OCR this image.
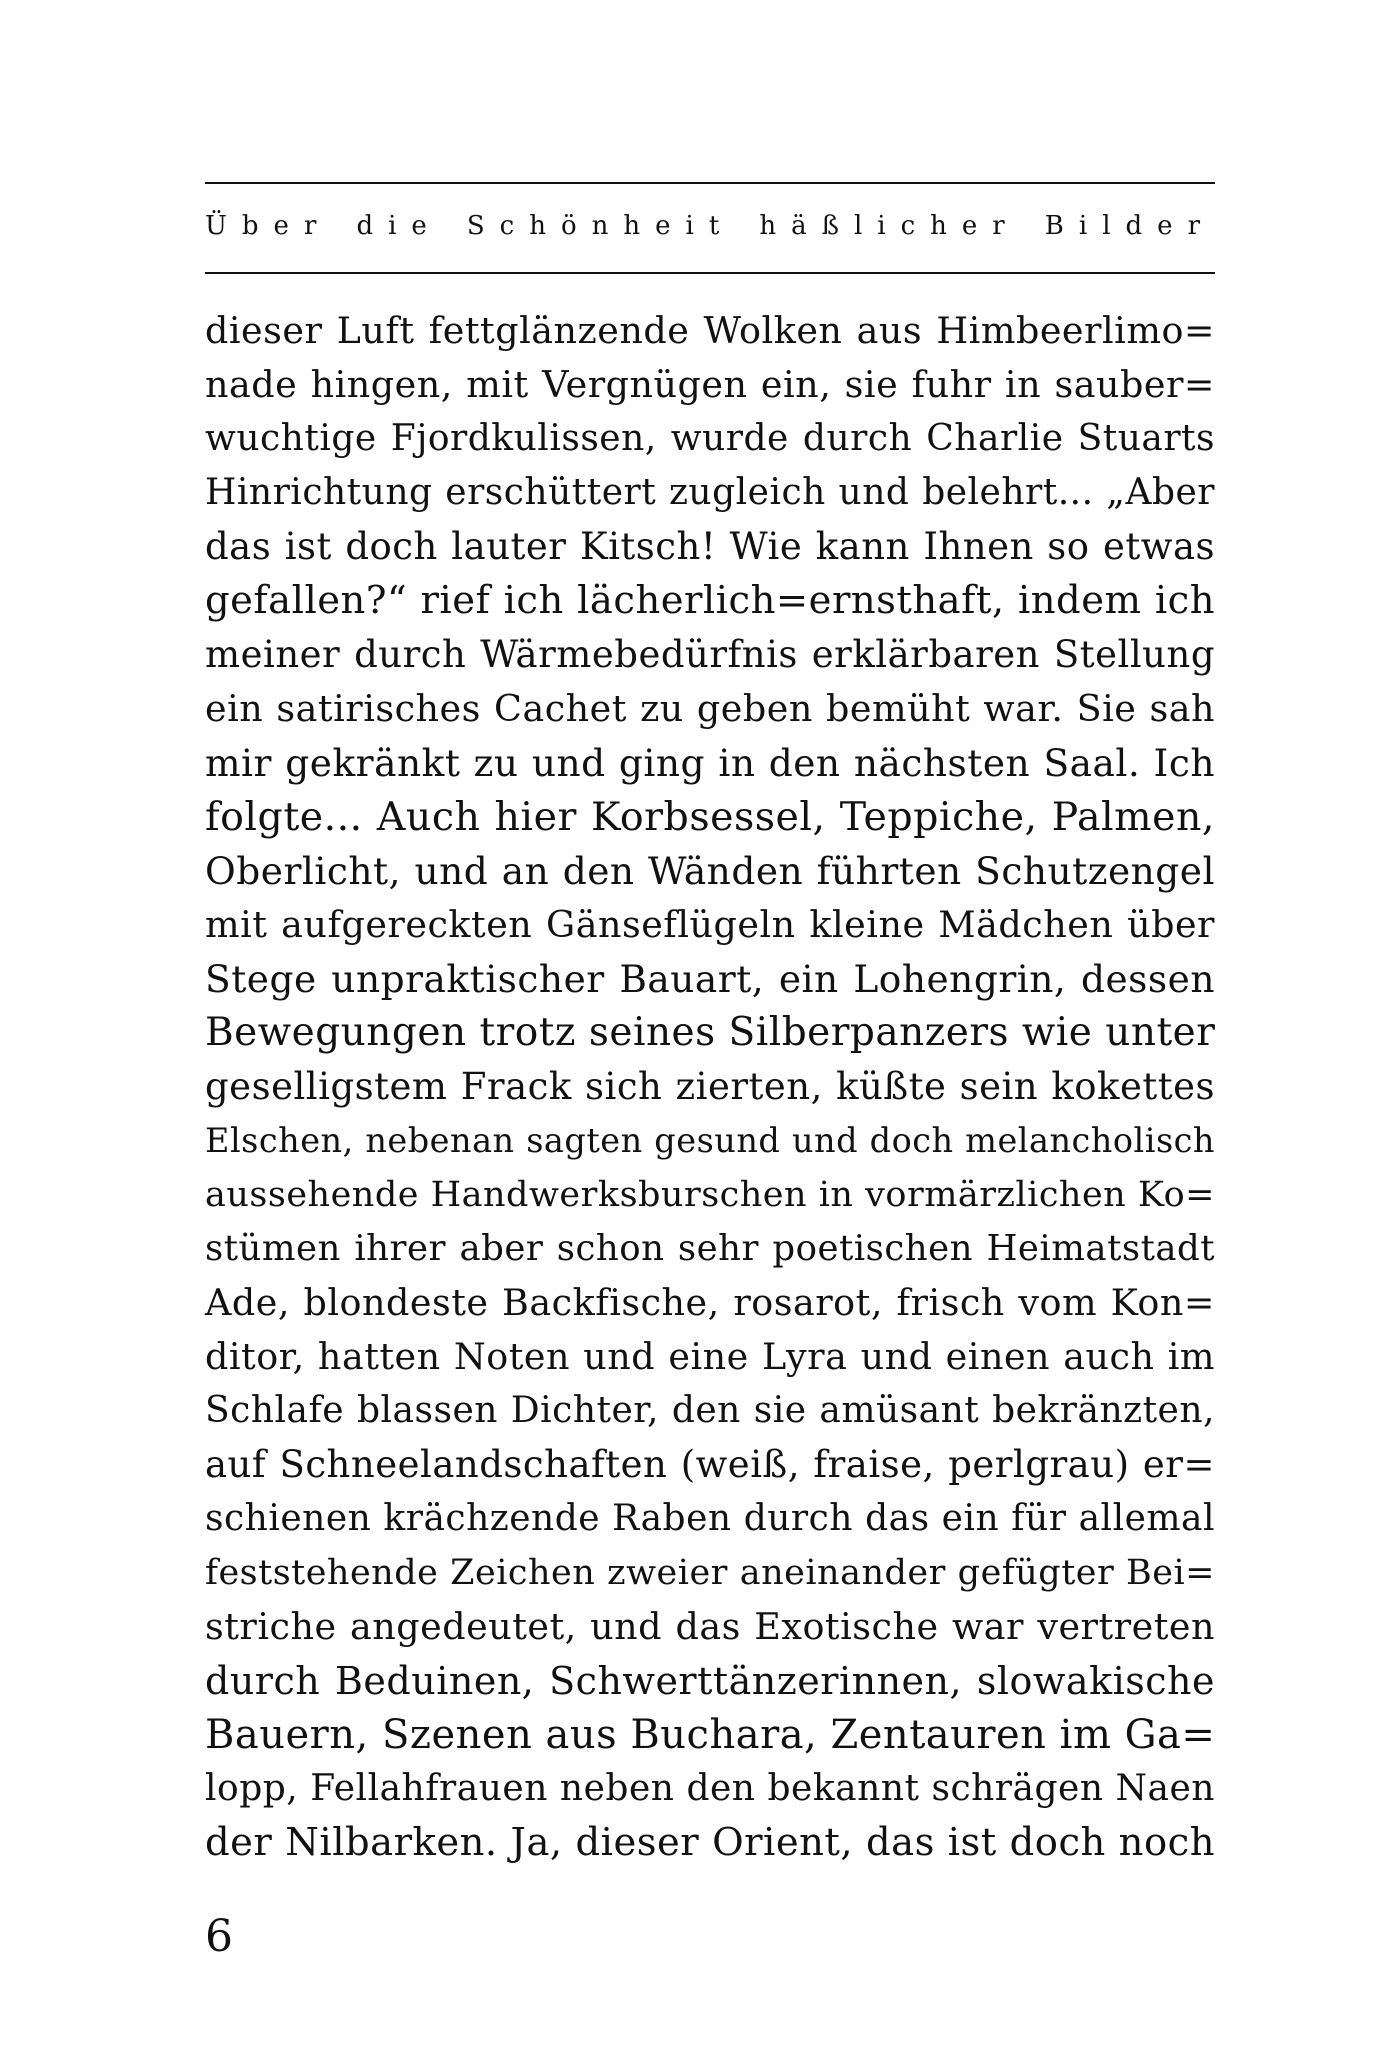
Über die Schönheit häßlicher Bilder
dieser Luft fettglänzende Wolken aus Himbeerlimo=
nade hingen, mit Vergnügen ein, sie fuhr in sauber=
wuchtige Fjordkulissen, wurde durch Charlie Stuarts
Hinrichtung erschüttert zugleich und belehrt... „Aber
das ist doch lauter Kitsch! Wie kann Ihnen so etwas
gefallen?“ rief ich lächerlich=ernsthaft, indem ich
meiner durch Wärmebedürfnis erklärbaren Stellung
ein satirisches Cachet zu geben bemüht war. Sie sah
mir gekränkt zu und ging in den nächsten Saal. Ich
folgte... Auch hier Korbsessel, Teppiche, Palmen,
Oberlicht, und an den Wänden führten Schutzengel
mit aufgereckten Gänseflügeln kleine Mädchen über
Stege unpraktischer Bauart, ein Lohengrin, dessen
Bewegungen trotz seines Silberpanzers wie unter
geselligstem Frack sich zierten, küßte sein kokettes
Elschen, nebenan sagten gesund und doch melancholisch
aussehende Handwerksburschen in vormärzlichen Ko=
stümen ihrer aber schon sehr poetischen Heimatstadt
Ade, blondeste Backfische, rosarot, frisch vom Kon=
ditor, hatten Noten und eine Lyra und einen auch im
Schlafe blassen Dichter, den sie amüsant bekränzten,
auf Schneelandschaften (weiß, fraise, perlgrau) er=
schienen krächzende Raben durch das ein für allemal
feststehende Zeichen zweier aneinander gefügter Bei=
striche angedeutet, und das Exotische war vertreten
durch Beduinen, Schwerttänzerinnen, slowakische
Bauern, Szenen aus Buchara, Zentauren im Ga=
lopp, Fellahfrauen neben den bekannt schrägen Naen
der Nilbarken. Ja, dieser Orient, das ist doch noch
6
